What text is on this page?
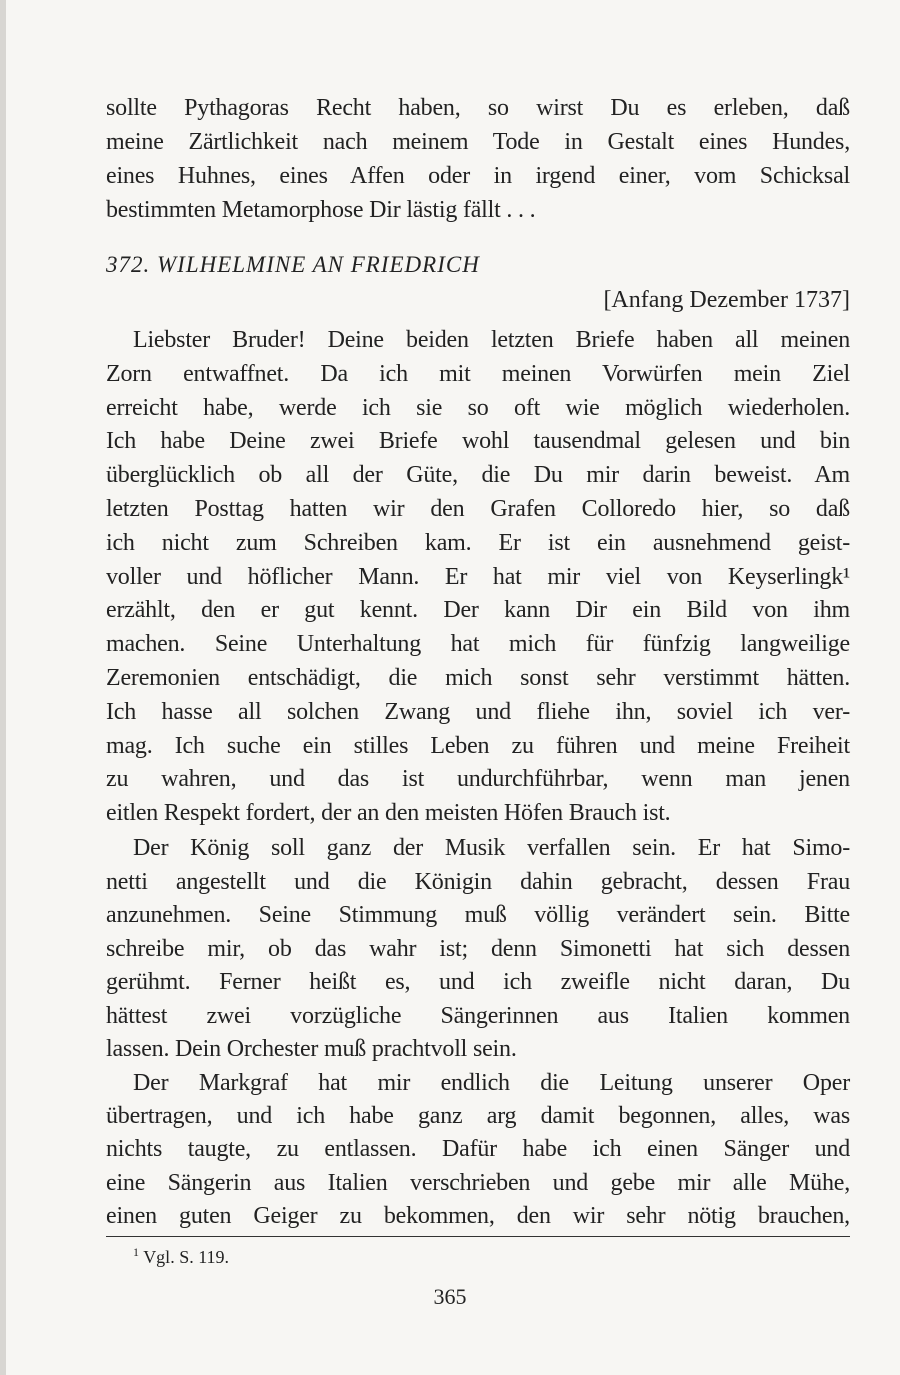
sollte Pythagoras Recht haben, so wirst Du es erleben, daß
meine Zärtlichkeit nach meinem Tode in Gestalt eines Hundes,
eines Huhnes, eines Affen oder in irgend einer, vom Schicksal
bestimmten Metamorphose Dir lästig fällt . . .
372. WILHELMINE AN FRIEDRICH
[Anfang Dezember 1737]
Liebster Bruder! Deine beiden letzten Briefe haben all meinen
Zorn entwaffnet. Da ich mit meinen Vorwürfen mein Ziel
erreicht habe, werde ich sie so oft wie möglich wiederholen.
Ich habe Deine zwei Briefe wohl tausendmal gelesen und bin
überglücklich ob all der Güte, die Du mir darin beweist. Am
letzten Posttag hatten wir den Grafen Colloredo hier, so daß
ich nicht zum Schreiben kam. Er ist ein ausnehmend geist-
voller und höflicher Mann. Er hat mir viel von Keyserlingk¹
erzählt, den er gut kennt. Der kann Dir ein Bild von ihm
machen. Seine Unterhaltung hat mich für fünfzig langweilige
Zeremonien entschädigt, die mich sonst sehr verstimmt hätten.
Ich hasse all solchen Zwang und fliehe ihn, soviel ich ver-
mag. Ich suche ein stilles Leben zu führen und meine Freiheit
zu wahren, und das ist undurchführbar, wenn man jenen
eitlen Respekt fordert, der an den meisten Höfen Brauch ist.
Der König soll ganz der Musik verfallen sein. Er hat Simo-
netti angestellt und die Königin dahin gebracht, dessen Frau
anzunehmen. Seine Stimmung muß völlig verändert sein. Bitte
schreibe mir, ob das wahr ist; denn Simonetti hat sich dessen
gerühmt. Ferner heißt es, und ich zweifle nicht daran, Du
hättest zwei vorzügliche Sängerinnen aus Italien kommen
lassen. Dein Orchester muß prachtvoll sein.
Der Markgraf hat mir endlich die Leitung unserer Oper
übertragen, und ich habe ganz arg damit begonnen, alles, was
nichts taugte, zu entlassen. Dafür habe ich einen Sänger und
eine Sängerin aus Italien verschrieben und gebe mir alle Mühe,
einen guten Geiger zu bekommen, den wir sehr nötig brauchen,
$^1$ Vgl. S. 119.
365
